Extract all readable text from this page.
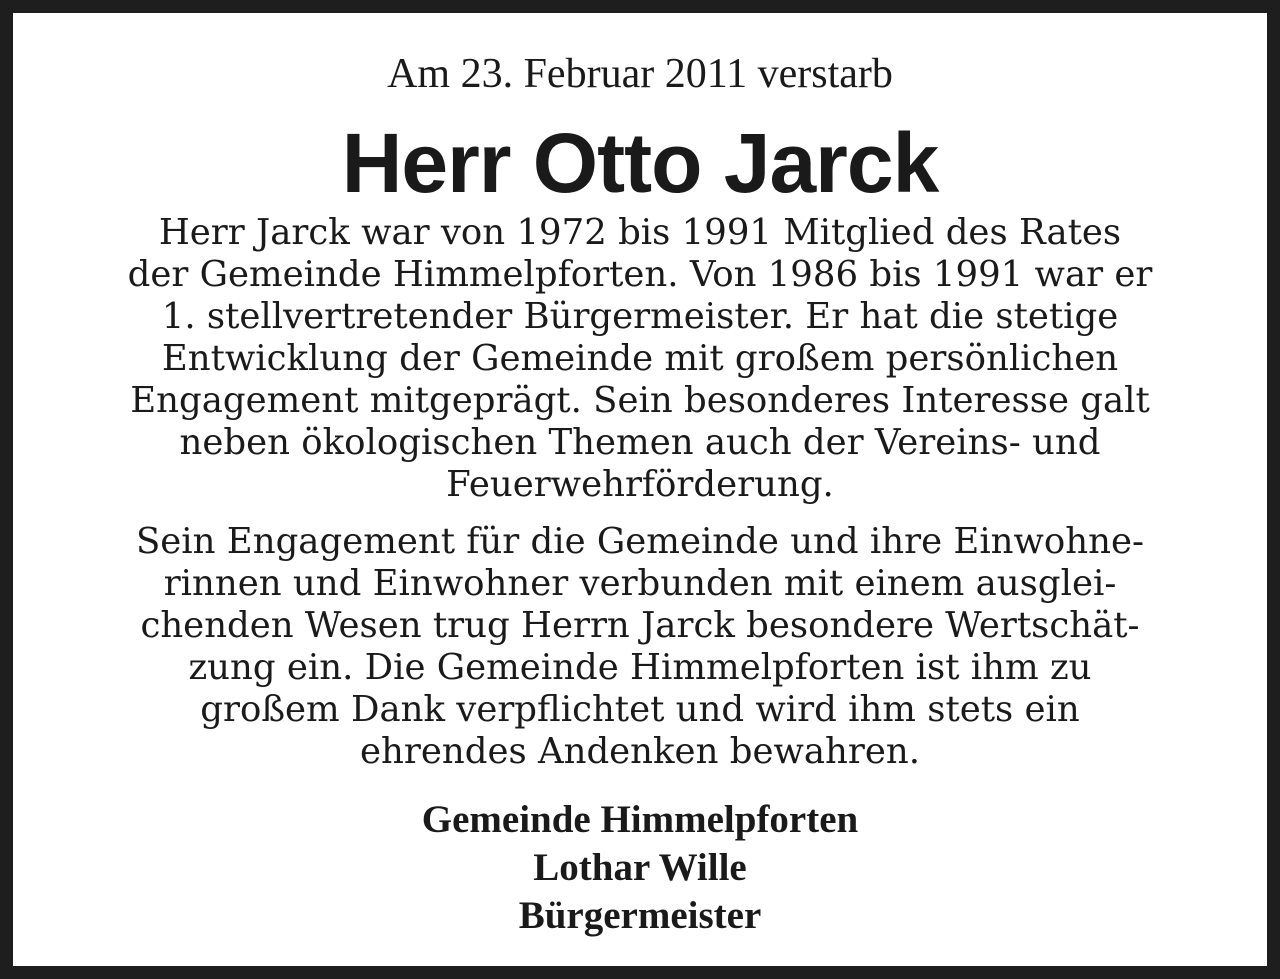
Am 23. Februar 2011 verstarb
Herr Otto Jarck
Herr Jarck war von 1972 bis 1991 Mitglied des Rates
der Gemeinde Himmelpforten. Von 1986 bis 1991 war er
1. stellvertretender Bürgermeister. Er hat die stetige
Entwicklung der Gemeinde mit großem persönlichen
Engagement mitgeprägt. Sein besonderes Interesse galt
neben ökologischen Themen auch der Vereins- und
Feuerwehrförderung.
Sein Engagement für die Gemeinde und ihre Einwohne-
rinnen und Einwohner verbunden mit einem ausglei-
chenden Wesen trug Herrn Jarck besondere Wertschät-
zung ein. Die Gemeinde Himmelpforten ist ihm zu
großem Dank verpflichtet und wird ihm stets ein
ehrendes Andenken bewahren.
Gemeinde Himmelpforten
Lothar Wille
Bürgermeister
